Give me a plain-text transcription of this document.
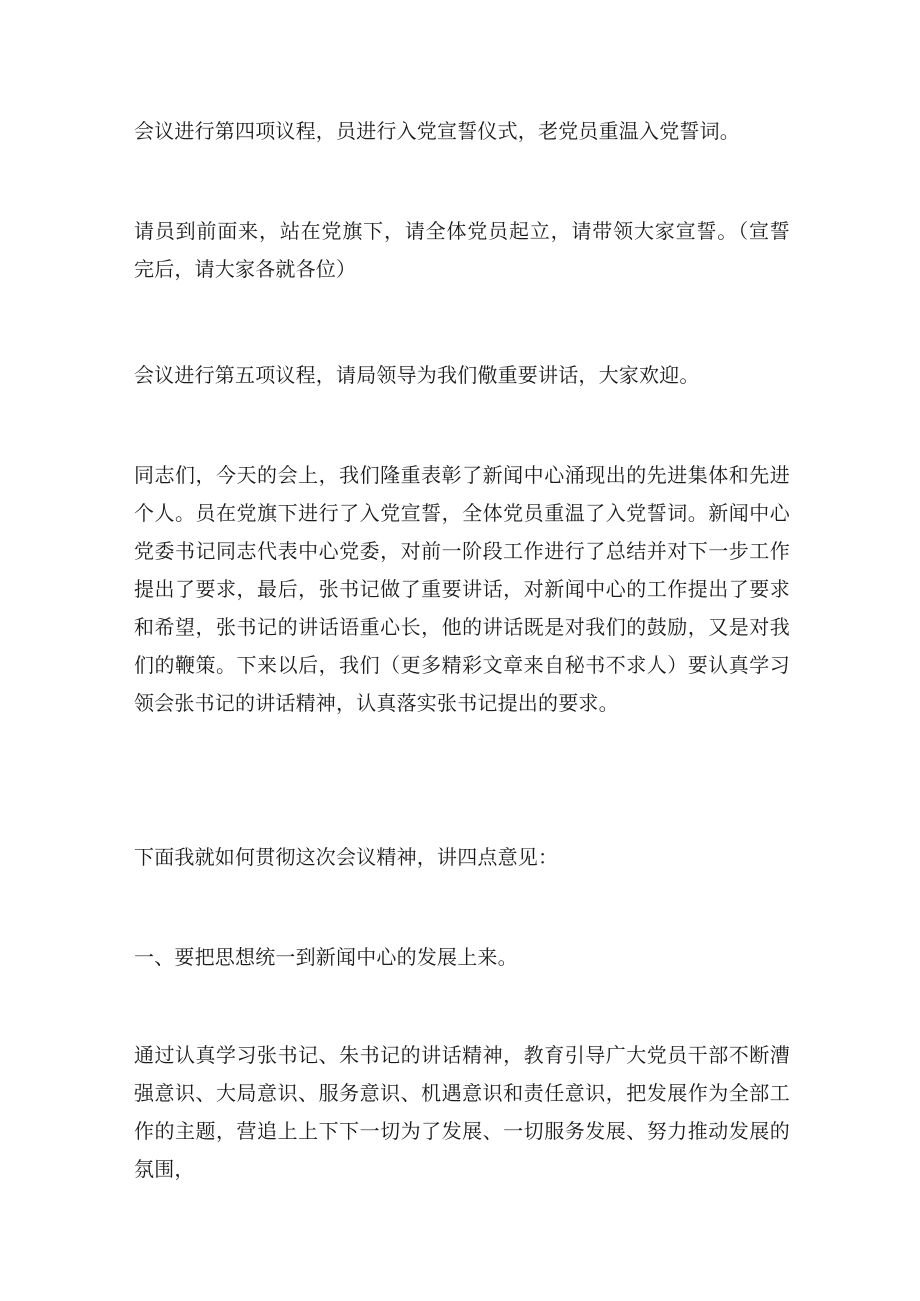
会议进行第四项议程，员进行入党宣誓仪式，老党员重温入党誓词。

请员到前面来，站在党旗下，请全体党员起立，请带领大家宣誓。（宣誓完后，请大家各就各位）

会议进行第五项议程，请局领导为我们儆重要讲话，大家欢迎。

同志们，今天的会上，我们隆重表彰了新闻中心涌现出的先进集体和先进个人。员在党旗下进行了入党宣誓，全体党员重温了入党誓词。新闻中心党委书记同志代表中心党委，对前一阶段工作进行了总结并对下一步工作提出了要求，最后，张书记做了重要讲话，对新闻中心的工作提出了要求和希望，张书记的讲话语重心长，他的讲话既是对我们的鼓励，又是对我们的鞭策。下来以后，我们（更多精彩文章来自秘书不求人）要认真学习领会张书记的讲话精神，认真落实张书记提出的要求。

下面我就如何贯彻这次会议精神，讲四点意见：

一、要把思想统一到新闻中心的发展上来。

通过认真学习张书记、朱书记的讲话精神，教育引导广大党员干部不断漕强意识、大局意识、服务意识、机遇意识和责任意识，把发展作为全部工作的主题，营追上上下下一切为了发展、一切服务发展、努力推动发展的氛围，
